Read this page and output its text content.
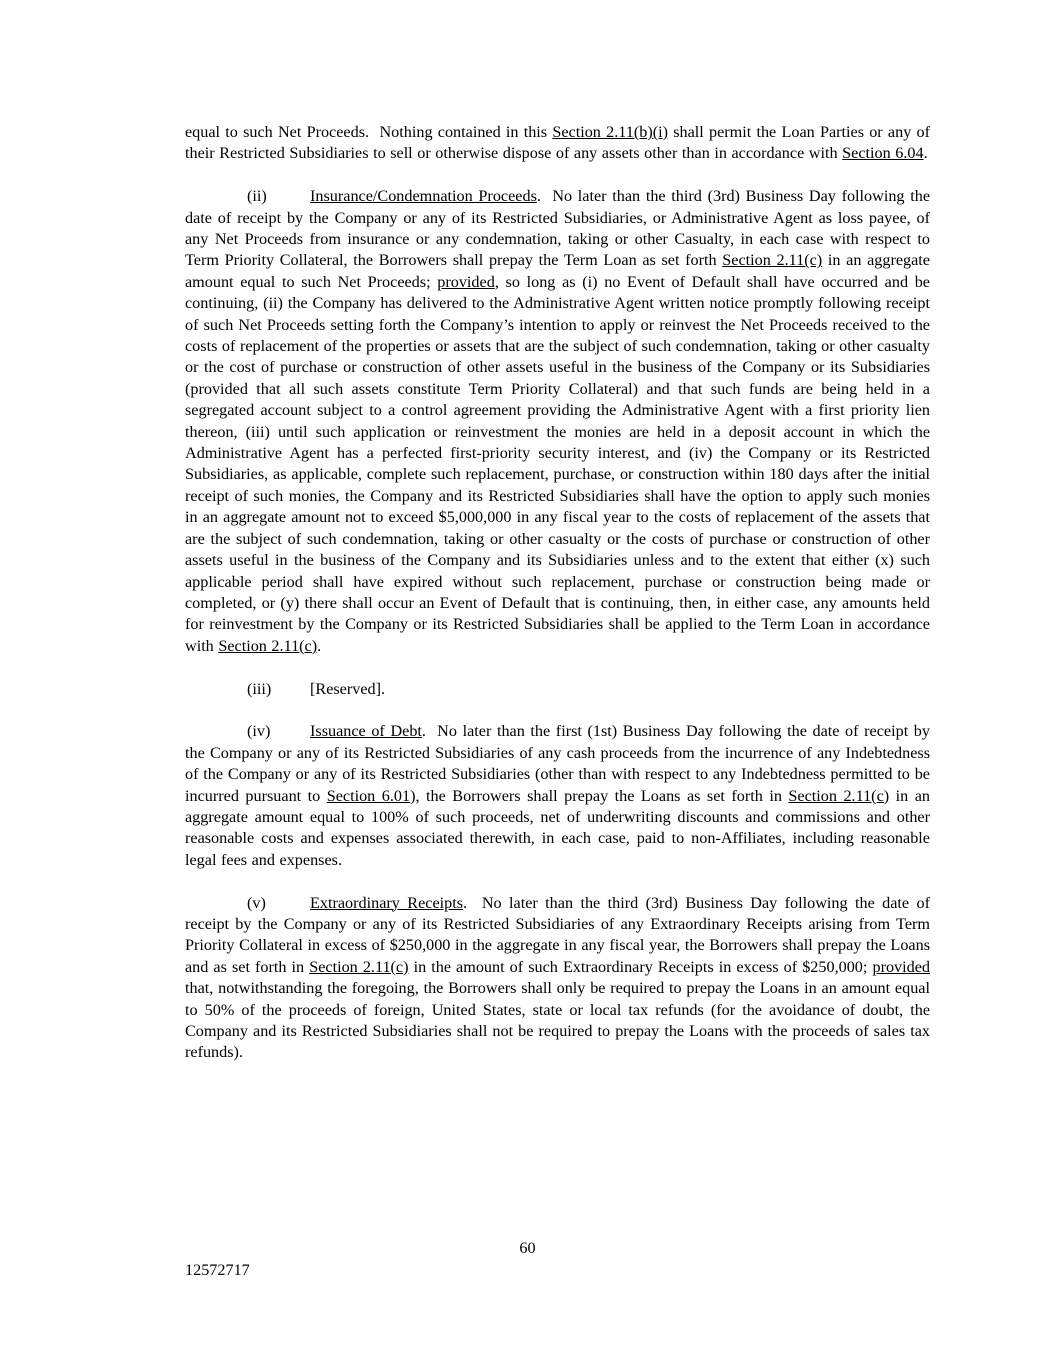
equal to such Net Proceeds.  Nothing contained in this Section 2.11(b)(i) shall permit the Loan Parties or any of their Restricted Subsidiaries to sell or otherwise dispose of any assets other than in accordance with Section 6.04.

(ii)	Insurance/Condemnation Proceeds.  No later than the third (3rd) Business Day following the date of receipt by the Company or any of its Restricted Subsidiaries, or Administrative Agent as loss payee, of any Net Proceeds from insurance or any condemnation, taking or other Casualty, in each case with respect to Term Priority Collateral, the Borrowers shall prepay the Term Loan as set forth Section 2.11(c) in an aggregate amount equal to such Net Proceeds; provided, so long as (i) no Event of Default shall have occurred and be continuing, (ii) the Company has delivered to the Administrative Agent written notice promptly following receipt of such Net Proceeds setting forth the Company’s intention to apply or reinvest the Net Proceeds received to the costs of replacement of the properties or assets that are the subject of such condemnation, taking or other casualty or the cost of purchase or construction of other assets useful in the business of the Company or its Subsidiaries (provided that all such assets constitute Term Priority Collateral) and that such funds are being held in a segregated account subject to a control agreement providing the Administrative Agent with a first priority lien thereon, (iii) until such application or reinvestment the monies are held in a deposit account in which the Administrative Agent has a perfected first-priority security interest, and (iv) the Company or its Restricted Subsidiaries, as applicable, complete such replacement, purchase, or construction within 180 days after the initial receipt of such monies, the Company and its Restricted Subsidiaries shall have the option to apply such monies in an aggregate amount not to exceed $5,000,000 in any fiscal year to the costs of replacement of the assets that are the subject of such condemnation, taking or other casualty or the costs of purchase or construction of other assets useful in the business of the Company and its Subsidiaries unless and to the extent that either (x) such applicable period shall have expired without such replacement, purchase or construction being made or completed, or (y) there shall occur an Event of Default that is continuing, then, in either case, any amounts held for reinvestment by the Company or its Restricted Subsidiaries shall be applied to the Term Loan in accordance with Section 2.11(c).

(iii) [Reserved].

(iv) Issuance of Debt.  No later than the first (1st) Business Day following the date of receipt by the Company or any of its Restricted Subsidiaries of any cash proceeds from the incurrence of any Indebtedness of the Company or any of its Restricted Subsidiaries (other than with respect to any Indebtedness permitted to be incurred pursuant to Section 6.01), the Borrowers shall prepay the Loans as set forth in Section 2.11(c) in an aggregate amount equal to 100% of such proceeds, net of underwriting discounts and commissions and other reasonable costs and expenses associated therewith, in each case, paid to non-Affiliates, including reasonable legal fees and expenses.

(v)	Extraordinary Receipts.  No later than the third (3rd) Business Day following the date of receipt by the Company or any of its Restricted Subsidiaries of any Extraordinary Receipts arising from Term Priority Collateral in excess of $250,000 in the aggregate in any fiscal year, the Borrowers shall prepay the Loans and as set forth in Section 2.11(c) in the amount of such Extraordinary Receipts in excess of $250,000; provided that, notwithstanding the foregoing, the Borrowers shall only be required to prepay the Loans in an amount equal to 50% of the proceeds of foreign, United States, state or local tax refunds (for the avoidance of doubt, the Company and its Restricted Subsidiaries shall not be required to prepay the Loans with the proceeds of sales tax refunds).

60
12572717
